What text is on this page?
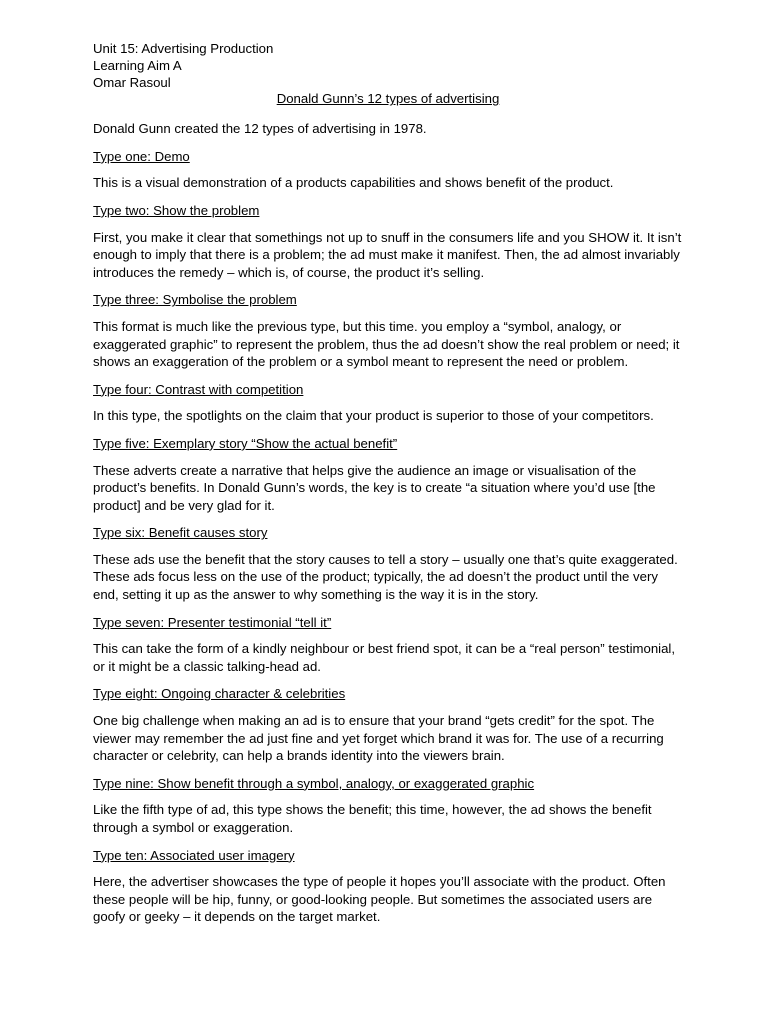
Unit 15: Advertising Production
Learning Aim A
Omar Rasoul
Donald Gunn’s 12 types of advertising

Donald Gunn created the 12 types of advertising in 1978.

Type one: Demo

This is a visual demonstration of a products capabilities and shows benefit of the product.

Type two: Show the problem

First, you make it clear that somethings not up to snuff in the consumers life and you SHOW it. It isn’t enough to imply that there is a problem; the ad must make it manifest. Then, the ad almost invariably introduces the remedy – which is, of course, the product it’s selling.

Type three: Symbolise the problem

This format is much like the previous type, but this time. you employ a “symbol, analogy, or exaggerated graphic” to represent the problem, thus the ad doesn’t show the real problem or need; it shows an exaggeration of the problem or a symbol meant to represent the need or problem.

Type four: Contrast with competition

In this type, the spotlights on the claim that your product is superior to those of your competitors.

Type five: Exemplary story “Show the actual benefit”

These adverts create a narrative that helps give the audience an image or visualisation of the product’s benefits. In Donald Gunn’s words, the key is to create “a situation where you’d use [the product] and be very glad for it.

Type six: Benefit causes story

These ads use the benefit that the story causes to tell a story – usually one that’s quite exaggerated. These ads focus less on the use of the product; typically, the ad doesn’t the product until the very end, setting it up as the answer to why something is the way it is in the story.

Type seven: Presenter testimonial “tell it”

This can take the form of a kindly neighbour or best friend spot, it can be a “real person” testimonial, or it might be a classic talking-head ad.

Type eight: Ongoing character & celebrities

One big challenge when making an ad is to ensure that your brand “gets credit” for the spot. The viewer may remember the ad just fine and yet forget which brand it was for. The use of a recurring character or celebrity, can help a brands identity into the viewers brain.

Type nine: Show benefit through a symbol, analogy, or exaggerated graphic

Like the fifth type of ad, this type shows the benefit; this time, however, the ad shows the benefit through a symbol or exaggeration.

Type ten: Associated user imagery

Here, the advertiser showcases the type of people it hopes you’ll associate with the product. Often these people will be hip, funny, or good-looking people. But sometimes the associated users are goofy or geeky – it depends on the target market.
